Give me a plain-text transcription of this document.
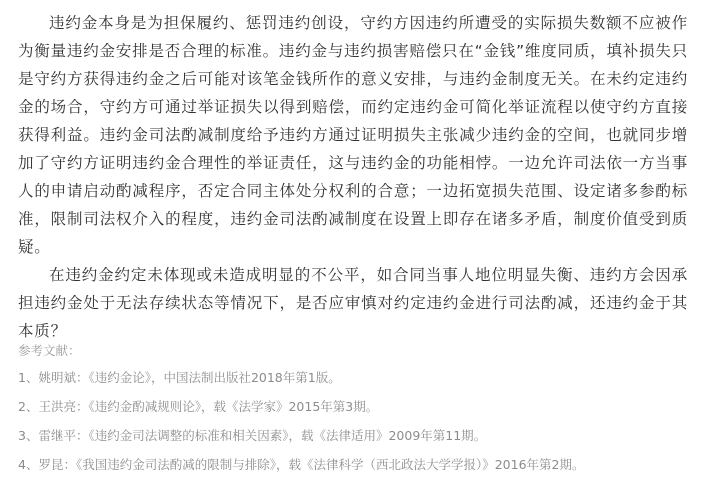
违约金本身是为担保履约、惩罚违约创设，守约方因违约所遭受的实际损失数额不应被作为衡量违约金安排是否合理的标准。违约金与违约损害赔偿只在“金钱”维度同质，填补损失只是守约方获得违约金之后可能对该笔金钱所作的意义安排，与违约金制度无关。在未约定违约金的场合，守约方可通过举证损失以得到赔偿，而约定违约金可简化举证流程以使守约方直接获得利益。违约金司法酌减制度给予违约方通过证明损失主张减少违约金的空间，也就同步增加了守约方证明违约金合理性的举证责任，这与违约金的功能相悖。一边允许司法依一方当事人的申请启动酌减程序，否定合同主体处分权利的合意；一边拓宽损失范围、设定诸多参酌标准，限制司法权介入的程度，违约金司法酌减制度在设置上即存在诸多矛盾，制度价值受到质疑。

在违约金约定未体现或未造成明显的不公平，如合同当事人地位明显失衡、违约方会因承担违约金处于无法存续状态等情况下，是否应审慎对约定违约金进行司法酌减，还违约金于其本质？

参考文献：
1、姚明斌：《违约金论》，中国法制出版社2018年第1版。
2、王洪亮：《违约金酌减规则论》，载《法学家》2015年第3期。
3、雷继平：《违约金司法调整的标准和相关因素》，载《法律适用》2009年第11期。
4、罗昆：《我国违约金司法酌减的限制与排除》，载《法律科学（西北政法大学学报）》2016年第2期。
